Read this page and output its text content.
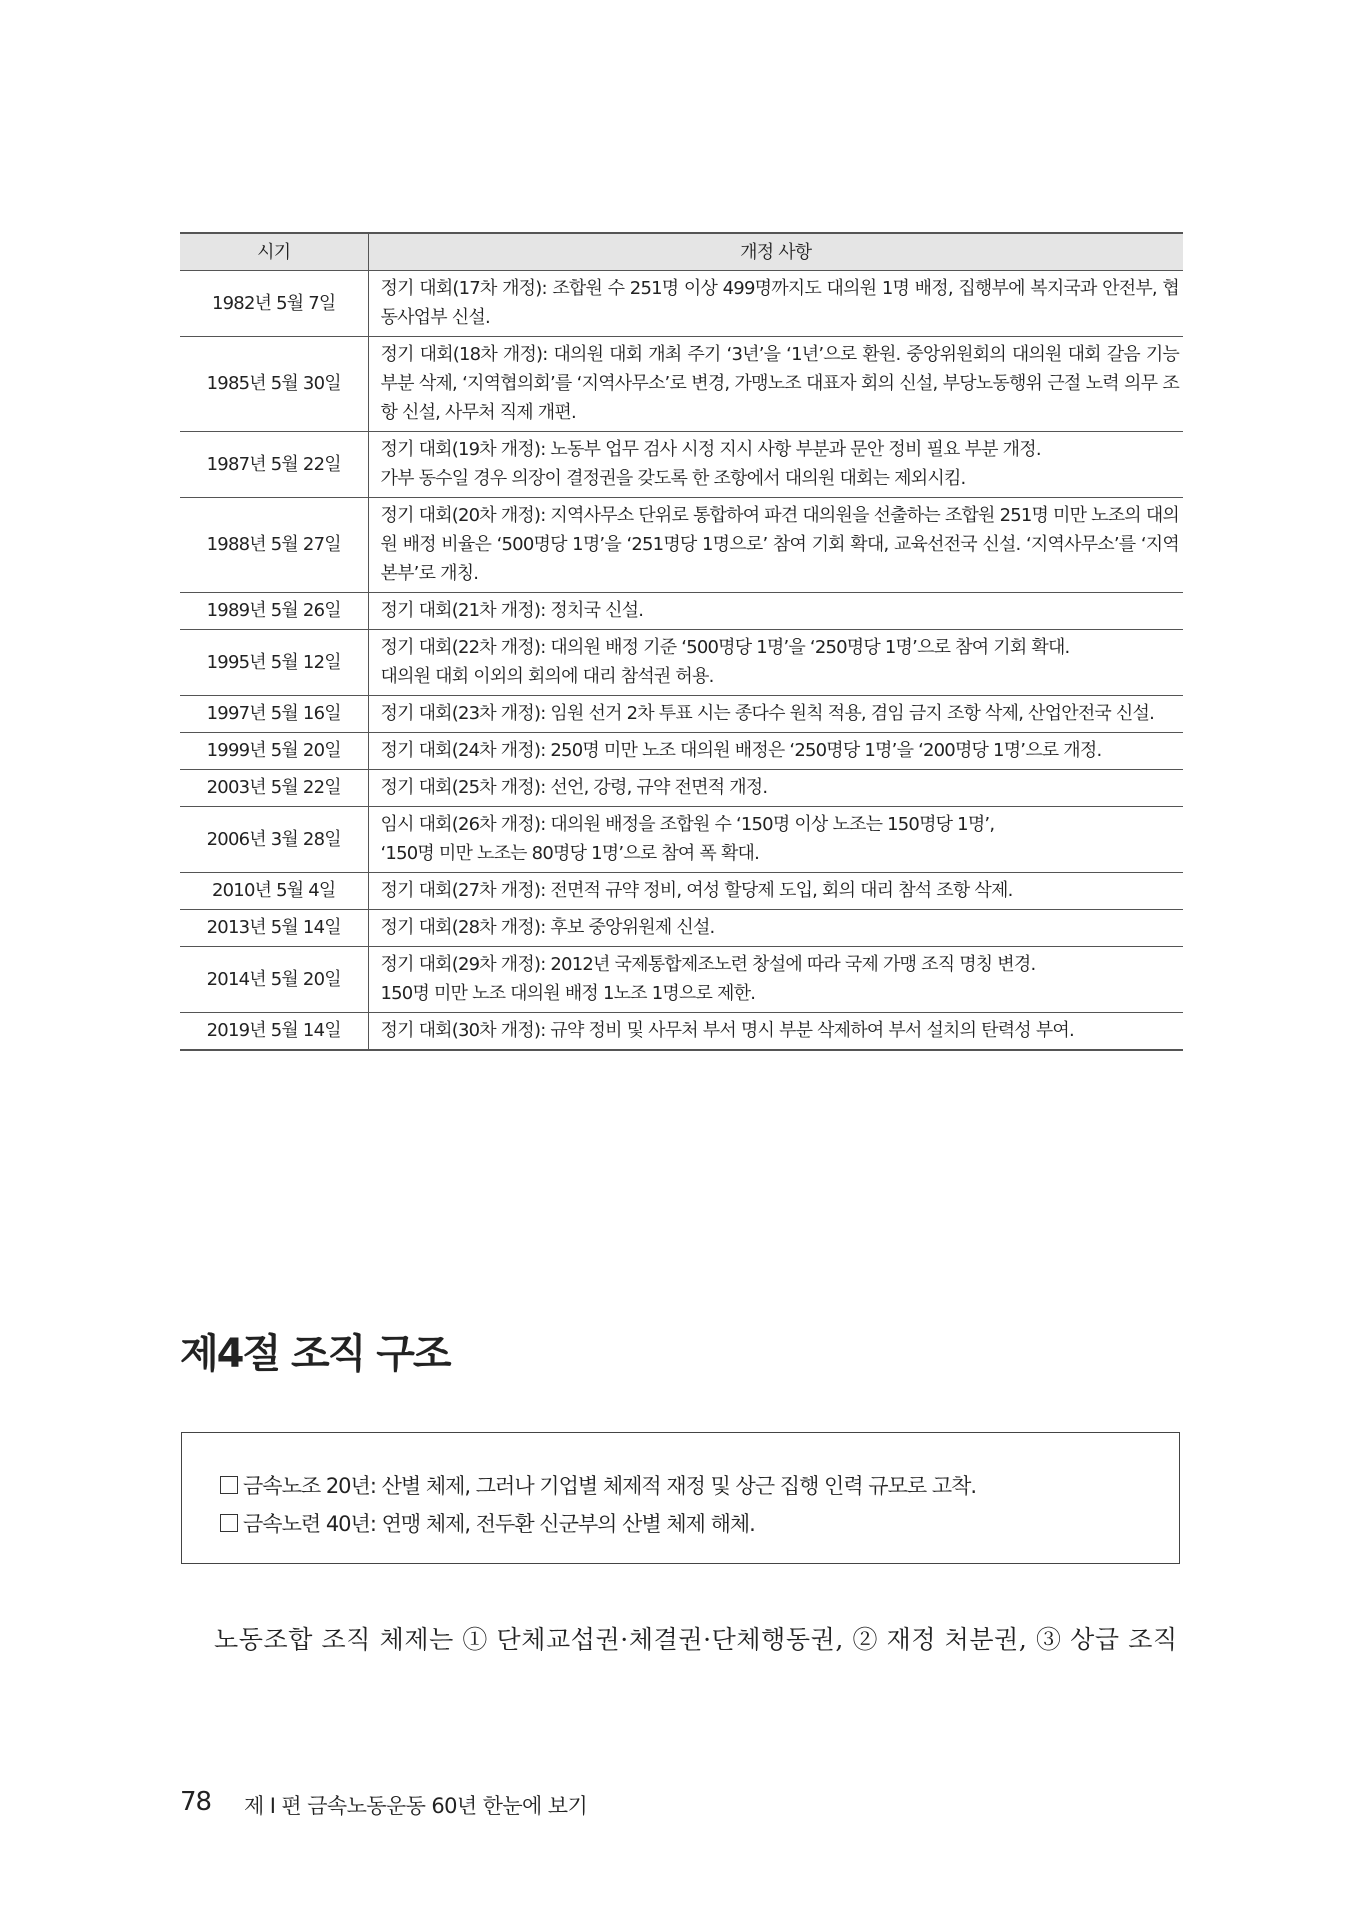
시기	개정 사항
1982년 5월 7일	정기 대회(17차 개정): 조합원 수 251명 이상 499명까지도 대의원 1명 배정, 집행부에 복지국과 안전부, 협동사업부 신설.
1985년 5월 30일	정기 대회(18차 개정): 대의원 대회 개최 주기 ‘3년’을 ‘1년’으로 환원. 중앙위원회의 대의원 대회 갈음 기능 부분 삭제, ‘지역협의회’를 ‘지역사무소’로 변경, 가맹노조 대표자 회의 신설, 부당노동행위 근절 노력 의무 조항 신설, 사무처 직제 개편.
1987년 5월 22일	정기 대회(19차 개정): 노동부 업무 검사 시정 지시 사항 부분과 문안 정비 필요 부분 개정.
가부 동수일 경우 의장이 결정권을 갖도록 한 조항에서 대의원 대회는 제외시킴.
1988년 5월 27일	정기 대회(20차 개정): 지역사무소 단위로 통합하여 파견 대의원을 선출하는 조합원 251명 미만 노조의 대의원 배정 비율은 ‘500명당 1명’을 ‘251명당 1명으로’ 참여 기회 확대, 교육선전국 신설. ‘지역사무소’를 ‘지역본부’로 개칭.
1989년 5월 26일	정기 대회(21차 개정): 정치국 신설.
1995년 5월 12일	정기 대회(22차 개정): 대의원 배정 기준 ‘500명당 1명’을 ‘250명당 1명’으로 참여 기회 확대.
대의원 대회 이외의 회의에 대리 참석권 허용.
1997년 5월 16일	정기 대회(23차 개정): 임원 선거 2차 투표 시는 종다수 원칙 적용, 겸임 금지 조항 삭제, 산업안전국 신설.
1999년 5월 20일	정기 대회(24차 개정): 250명 미만 노조 대의원 배정은 ‘250명당 1명’을 ‘200명당 1명’으로 개정.
2003년 5월 22일	정기 대회(25차 개정): 선언, 강령, 규약 전면적 개정.
2006년 3월 28일	임시 대회(26차 개정): 대의원 배정을 조합원 수 ‘150명 이상 노조는 150명당 1명’,
‘150명 미만 노조는 80명당 1명’으로 참여 폭 확대.
2010년 5월 4일	정기 대회(27차 개정): 전면적 규약 정비, 여성 할당제 도입, 회의 대리 참석 조항 삭제.
2013년 5월 14일	정기 대회(28차 개정): 후보 중앙위원제 신설.
2014년 5월 20일	정기 대회(29차 개정): 2012년 국제통합제조노련 창설에 따라 국제 가맹 조직 명칭 변경.
150명 미만 노조 대의원 배정 1노조 1명으로 제한.
2019년 5월 14일	정기 대회(30차 개정): 규약 정비 및 사무처 부서 명시 부분 삭제하여 부서 설치의 탄력성 부여.
제4절 조직 구조
금속노조 20년: 산별 체제, 그러나 기업별 체제적 재정 및 상근 집행 인력 규모로 고착.
금속노련 40년: 연맹 체제, 전두환 신군부의 산별 체제 해체.

노동조합 조직 체제는 ① 단체교섭권·체결권·단체행동권, ② 재정 처분권, ③ 상급 조직

78 제 Ⅰ 편 금속노동운동 60년 한눈에 보기
